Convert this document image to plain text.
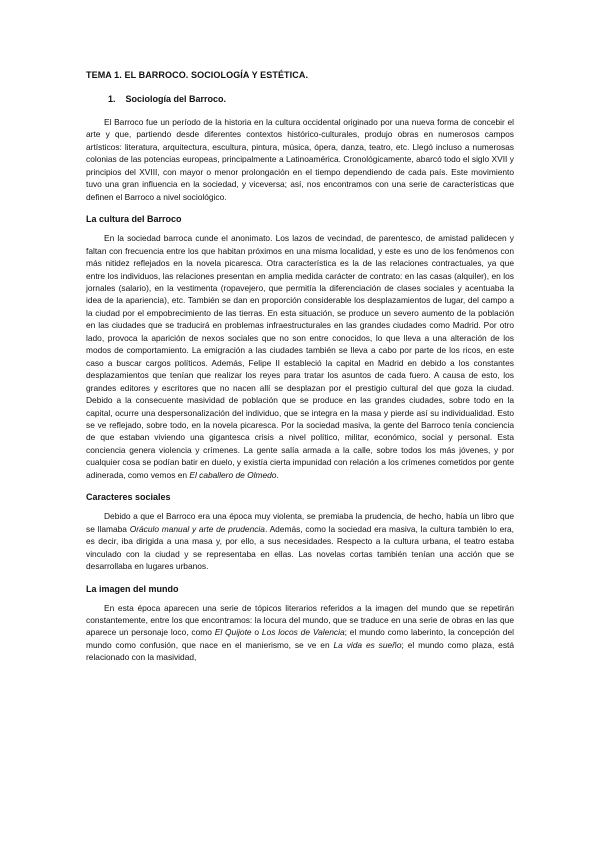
TEMA 1. EL BARROCO. SOCIOLOGÍA Y ESTÉTICA.
1. Sociología del Barroco.

El Barroco fue un período de la historia en la cultura occidental originado por una nueva forma de concebir el arte y que, partiendo desde diferentes contextos histórico-culturales, produjo obras en numerosos campos artísticos: literatura, arquitectura, escultura, pintura, música, ópera, danza, teatro, etc. Llegó incluso a numerosas colonias de las potencias europeas, principalmente a Latinoamérica. Cronológicamente, abarcó todo el siglo XVII y principios del XVIII, con mayor o menor prolongación en el tiempo dependiendo de cada país. Este movimiento tuvo una gran influencia en la sociedad, y viceversa; así, nos encontramos con una serie de características que definen el Barroco a nivel sociológico.

La cultura del Barroco

En la sociedad barroca cunde el anonimato. Los lazos de vecindad, de parentesco, de amistad palidecen y faltan con frecuencia entre los que habitan próximos en una misma localidad, y este es uno de los fenómenos con más nitidez reflejados en la novela picaresca. Otra característica es la de las relaciones contractuales, ya que entre los individuos, las relaciones presentan en amplia medida carácter de contrato: en las casas (alquiler), en los jornales (salario), en la vestimenta (ropavejero, que permitía la diferenciación de clases sociales y acentuaba la idea de la apariencia), etc. También se dan en proporción considerable los desplazamientos de lugar, del campo a la ciudad por el empobrecimiento de las tierras. En esta situación, se produce un severo aumento de la población en las ciudades que se traducirá en problemas infraestructurales en las grandes ciudades como Madrid. Por otro lado, provoca la aparición de nexos sociales que no son entre conocidos, lo que lleva a una alteración de los modos de comportamiento. La emigración a las ciudades también se lleva a cabo por parte de los ricos, en este caso a buscar cargos políticos. Además, Felipe II estableció la capital en Madrid en debido a los constantes desplazamientos que tenían que realizar los reyes para tratar los asuntos de cada fuero. A causa de esto, los grandes editores y escritores que no nacen allí se desplazan por el prestigio cultural del que goza la ciudad. Debido a la consecuente masividad de población que se produce en las grandes ciudades, sobre todo en la capital, ocurre una despersonalización del individuo, que se integra en la masa y pierde así su individualidad. Esto se ve reflejado, sobre todo, en la novela picaresca. Por la sociedad masiva, la gente del Barroco tenía conciencia de que estaban viviendo una gigantesca crisis a nivel político, militar, económico, social y personal. Esta conciencia genera violencia y crímenes. La gente salía armada a la calle, sobre todos los más jóvenes, y por cualquier cosa se podían batir en duelo, y existía cierta impunidad con relación a los crímenes cometidos por gente adinerada, como vemos en El caballero de Olmedo.

Caracteres sociales

Debido a que el Barroco era una época muy violenta, se premiaba la prudencia, de hecho, había un libro que se llamaba Oráculo manual y arte de prudencia. Además, como la sociedad era masiva, la cultura también lo era, es decir, iba dirigida a una masa y, por ello, a sus necesidades. Respecto a la cultura urbana, el teatro estaba vinculado con la ciudad y se representaba en ellas. Las novelas cortas también tenían una acción que se desarrollaba en lugares urbanos.

La imagen del mundo

En esta época aparecen una serie de tópicos literarios referidos a la imagen del mundo que se repetirán constantemente, entre los que encontramos: la locura del mundo, que se traduce en una serie de obras en las que aparece un personaje loco, como El Quijote o Los locos de Valencia; el mundo como laberinto, la concepción del mundo como confusión, que nace en el manierismo, se ve en La vida es sueño; el mundo como plaza, está relacionado con la masividad,
